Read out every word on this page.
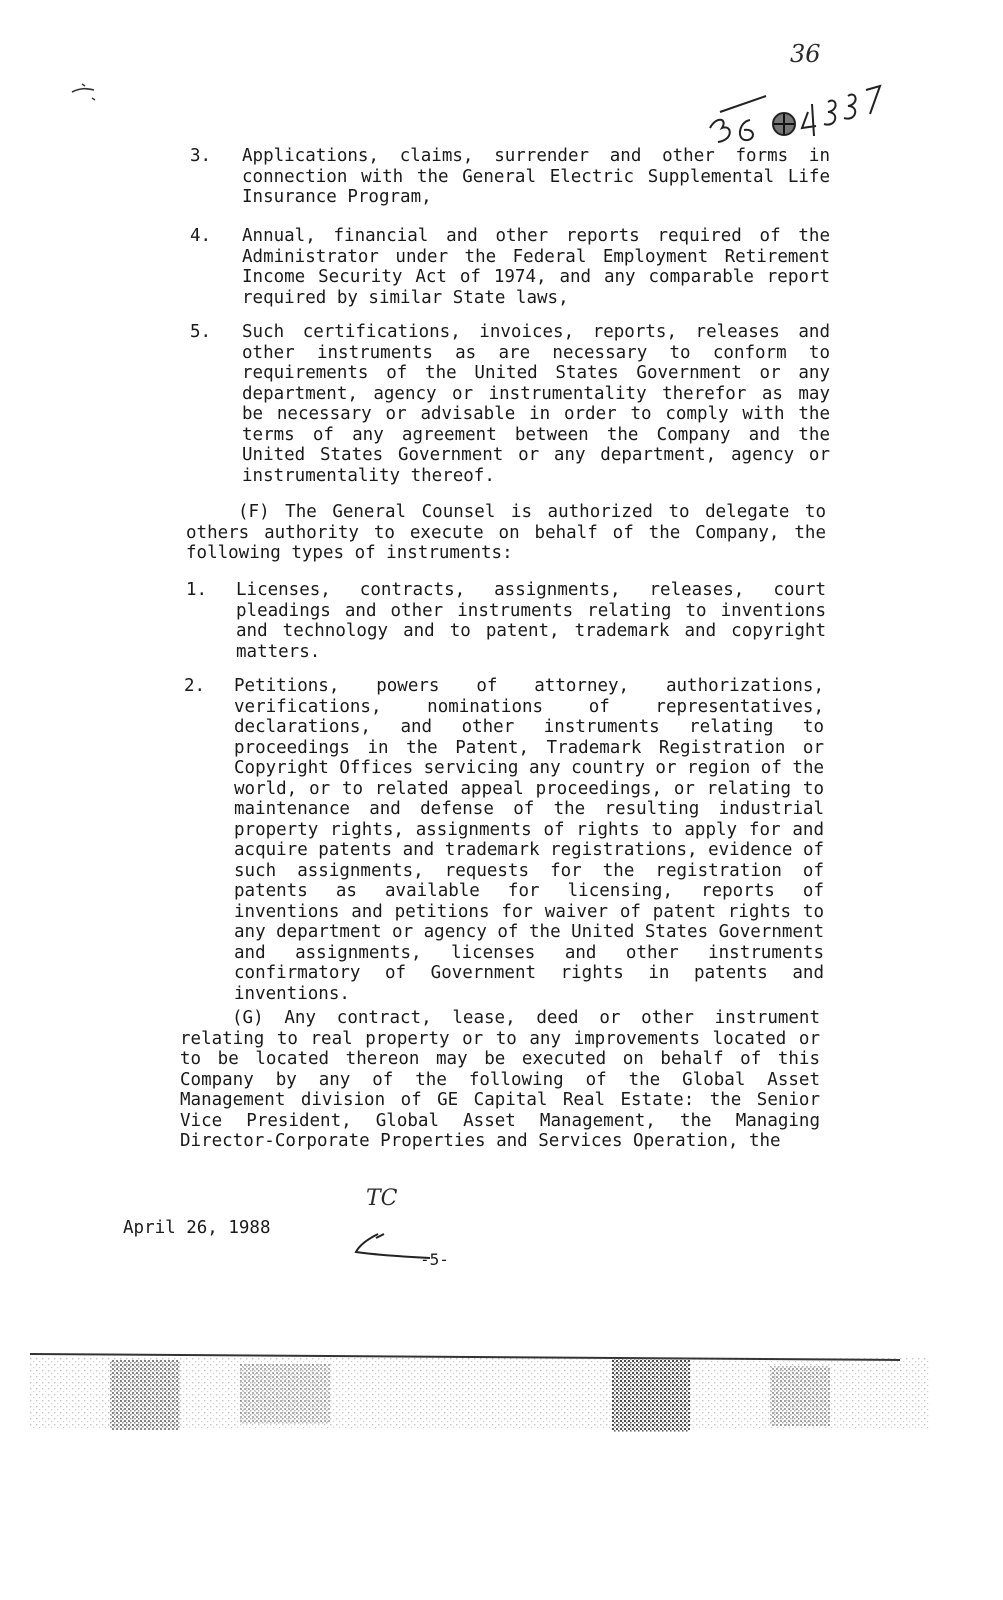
36
3. Applications, claims, surrender and other forms in connection with the General Electric Supplemental Life Insurance Program,
4. Annual, financial and other reports required of the Administrator under the Federal Employment Retirement Income Security Act of 1974, and any comparable report required by similar State laws,
5. Such certifications, invoices, reports, releases and other instruments as are necessary to conform to requirements of the United States Government or any department, agency or instrumentality therefor as may be necessary or advisable in order to comply with the terms of any agreement between the Company and the United States Government or any department, agency or instrumentality thereof.
(F) The General Counsel is authorized to delegate to others authority to execute on behalf of the Company, the following types of instruments:
1. Licenses, contracts, assignments, releases, court pleadings and other instruments relating to inventions and technology and to patent, trademark and copyright matters.
2. Petitions, powers of attorney, authorizations, verifications, nominations of representatives, declarations, and other instruments relating to proceedings in the Patent, Trademark Registration or Copyright Offices servicing any country or region of the world, or to related appeal proceedings, or relating to maintenance and defense of the resulting industrial property rights, assignments of rights to apply for and acquire patents and trademark registrations, evidence of such assignments, requests for the registration of patents as available for licensing, reports of inventions and petitions for waiver of patent rights to any department or agency of the United States Government and assignments, licenses and other instruments confirmatory of Government rights in patents and inventions.
(G) Any contract, lease, deed or other instrument relating to real property or to any improvements located or to be located thereon may be executed on behalf of this Company by any of the following of the Global Asset Management division of GE Capital Real Estate: the Senior Vice President, Global Asset Management, the Managing Director-Corporate Properties and Services Operation, the
TC
April 26, 1988
-5-
